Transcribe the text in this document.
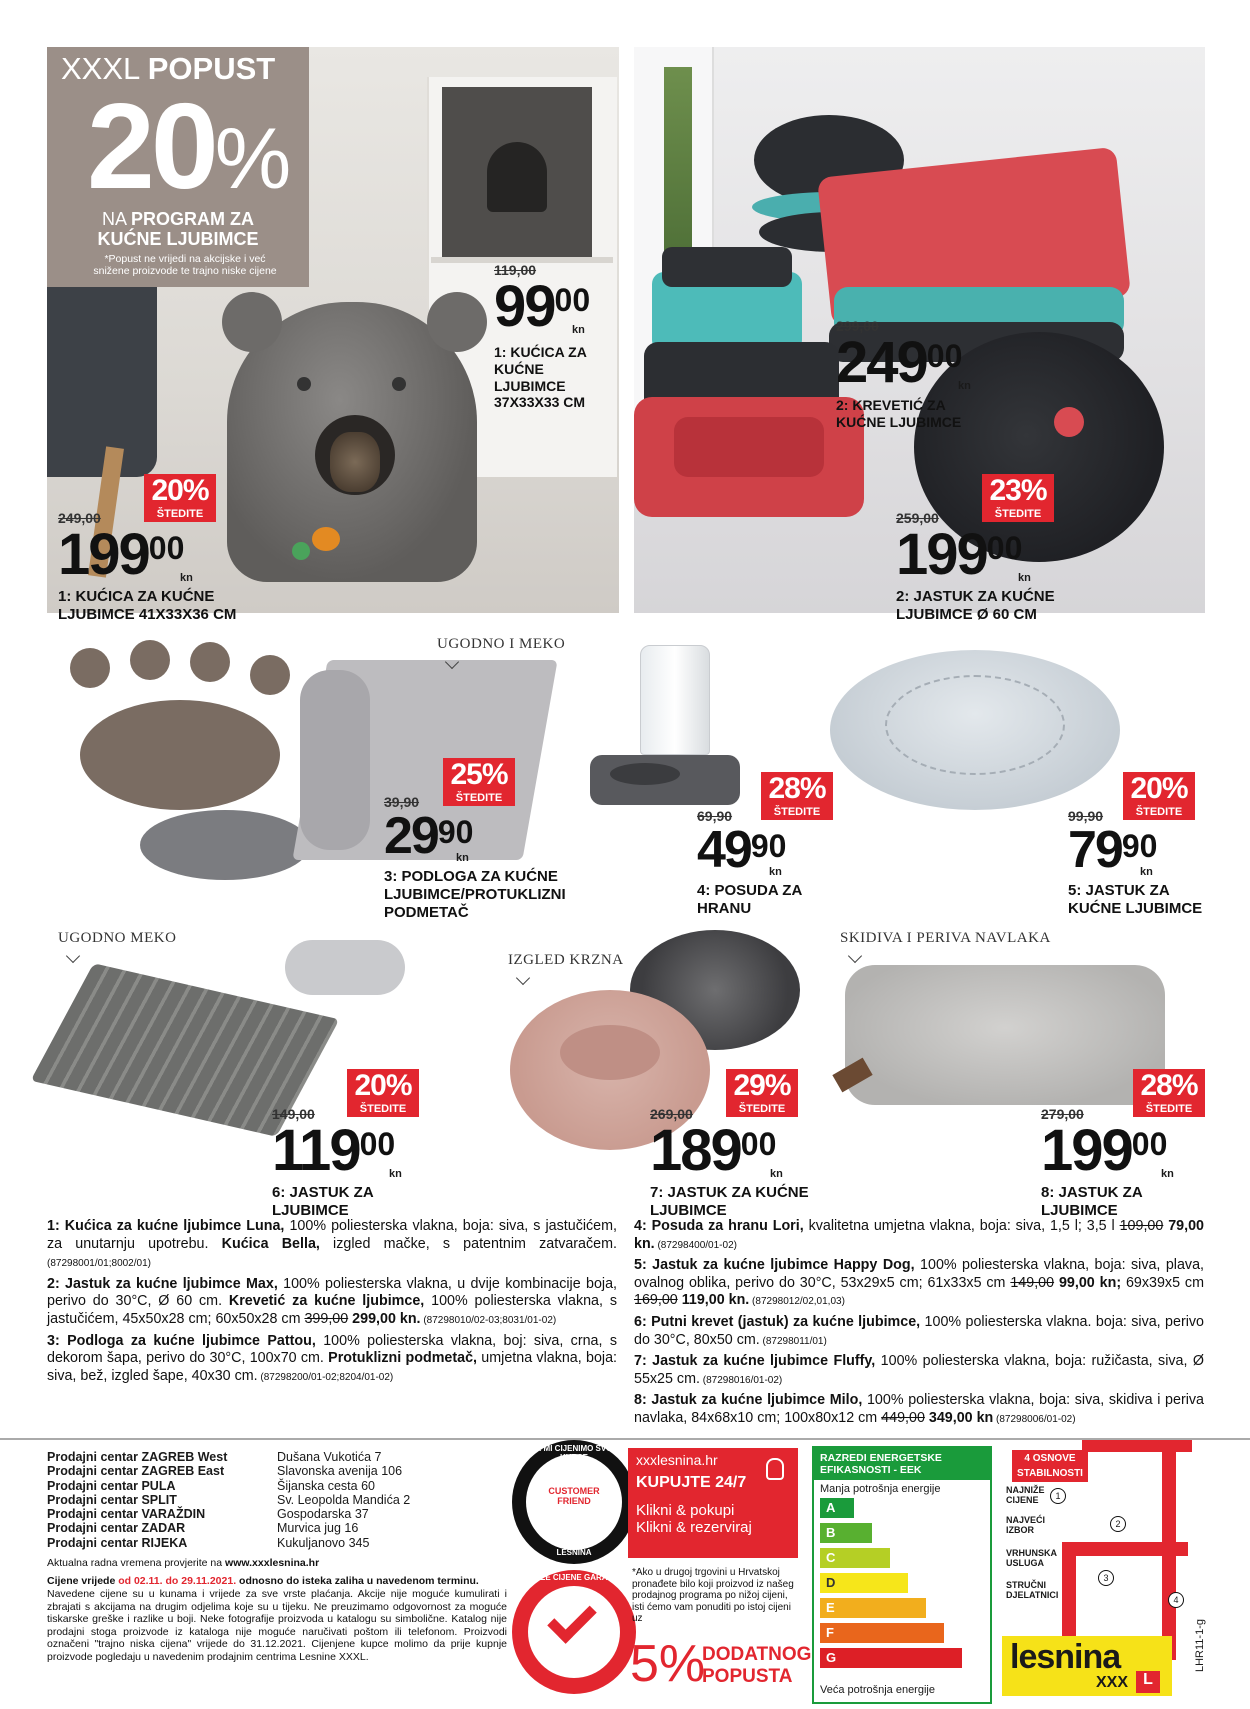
XXXL POPUST
20%
NA PROGRAM ZA
KUĆNE LJUBIMCE
*Popust ne vrijedi na akcijske i već snižene proizvode te trajno niske cijene	119,00
$99^{00}$
kn
1: KUĆICA ZA KUĆNE LJUBIMCE 37X33X33 CM
20%
ŠTEDITE
249,00
$199^{00}$
kn
1: KUĆICA ZA KUĆNE LJUBIMCE 41X33X36 CM
299,00
$249^{00}$
kn
2: KREVETIĆ ZA KUĆNE LJUBIMCE
23%
ŠTEDITE
259,00
$199^{00}$
kn
2: JASTUK ZA KUĆNE LJUBIMCE Ø 60 CM
UGODNO I MEKO
25%
ŠTEDITE
39,90
$29^{90}$
kn
3: PODLOGA ZA KUĆNE LJUBIMCE/PROTUKLIZNI PODMETAČ
28%
ŠTEDITE
69,90
$49^{90}$
kn
4: POSUDA ZA HRANU
20%
ŠTEDITE
99,90
$79^{90}$
kn
5: JASTUK ZA KUĆNE LJUBIMCE
UGODNO MEKO
20%
ŠTEDITE
149,00
$119^{00}$
kn
6: JASTUK ZA LJUBIMCE
IZGLED KRZNA
29%
ŠTEDITE
269,00
$189^{00}$
kn
7: JASTUK ZA KUĆNE LJUBIMCE
SKIDIVA I PERIVA NAVLAKA
28%
ŠTEDITE
279,00
$199^{00}$
kn
8: JASTUK ZA LJUBIMCE

1: Kućica za kućne ljubimce Luna, 100% poliesterska vlakna, boja: siva, s jastučićem, za unutarnju upotrebu. Kućica Bella, izgled mačke, s patentnim zatvaračem. (87298001/01;8002/01)

2: Jastuk za kućne ljubimce Max, 100% poliesterska vlakna, u dvije kombinacije boja, perivo do 30°C, Ø 60 cm. Krevetić za kućne ljubimce, 100% poliesterska vlakna, s jastučićem, 45x50x28 cm; 60x50x28 cm 399,00 299,00 kn. (87298010/02-03;8031/01-02)

3: Podloga za kućne ljubimce Pattou, 100% poliesterska vlakna, boj: siva, crna, s dekorom šapa, perivo do 30°C, 100x70 cm. Protuklizni podmetač, umjetna vlakna, boja: siva, bež, izgled šape, 40x30 cm. (87298200/01-02;8204/01-02)

4: Posuda za hranu Lori, kvalitetna umjetna vlakna, boja: siva, 1,5 l; 3,5 l 109,00 79,00 kn. (87298400/01-02)

5: Jastuk za kućne ljubimce Happy Dog, 100% poliesterska vlakna, boja: siva, plava, ovalnog oblika, perivo do 30°C, 53x29x5 cm; 61x33x5 cm 149,00 99,00 kn; 69x39x5 cm 169,00 119,00 kn. (87298012/02,01,03)

6: Putni krevet (jastuk) za kućne ljubimce, 100% poliesterska vlakna. boja: siva, perivo do 30°C, 80x50 cm. (87298011/01)

7: Jastuk za kućne ljubimce Fluffy, 100% poliesterska vlakna, boja: ružičasta, siva, Ø 55x25 cm. (87298016/01-02)

8: Jastuk za kućne ljubimce Milo, 100% poliesterska vlakna, boja: siva, skidiva i periva navlaka, 84x68x10 cm; 100x80x12 cm 449,00 349,00 kn (87298006/01-02)

Prodajni centar ZAGREB West	Dušana Vukotića 7
Prodajni centar ZAGREB East	Slavonska avenija 106
Prodajni centar PULA	Šijanska cesta 60
Prodajni centar SPLIT	Sv. Leopolda Mandića 2
Prodajni centar VARAŽDIN	Gospodarska 37
Prodajni centar ZADAR	Murvica jug 16
Prodajni centar RIJEKA	Kukuljanovo 345
Aktualna radna vremena provjerite na www.xxxlesnina.hr
Cijene vrijede od 02.11. do 29.11.2021. odnosno do isteka zaliha u navedenom terminu.
Navedene cijene su u kunama i vrijede za sve vrste plaćanja. Akcije nije moguće kumulirati i zbrajati s akcijama na drugim odjelima koje su u tijeku. Ne preuzimamo odgovornost za moguće tiskarske greške i razlike u boji. Neke fotografije proizvoda u katalogu su simbolične. Katalog nije prodajni stoga proizvode iz kataloga nije moguće naručivati poštom ili telefonom. Proizvodi označeni "trajno niska cijena" vrijede do 31.12.2021. Cijenjene kupce molimo da prije kupnje proizvode pogledaju u navedenim prodajnim centrima Lesnine XXXL.
JER MI CIJENIMO SVOJE KUPCE
CUSTOMER FRIEND
LESNINA
NAJNIŽE CIJENE GARANCIJA
xxxlesnina.hr
KUPUJTE 24/7
Klikni & pokupi
Klikni & rezerviraj
*Ako u drugoj trgovini u Hrvatskoj pronađete bilo koji proizvod iz našeg prodajnog programa po nižoj cijeni, isti ćemo vam ponuditi po istoj cijeni uz
5%
DODATNOG
POPUSTA
RAZREDI ENERGETSKE EFIKASNOSTI - EEK
Manja potrošnja energije
A
B
C
D
E
F
G
Veća potrošnja energije
4 OSNOVE
STABILNOSTI
NAJNIŽE CIJENE
NAJVEĆI IZBOR
VRHUNSKA USLUGA
STRUČNI DJELATNICI
1
2
3
4
lesnina
XXX L
LHR11-1-g
